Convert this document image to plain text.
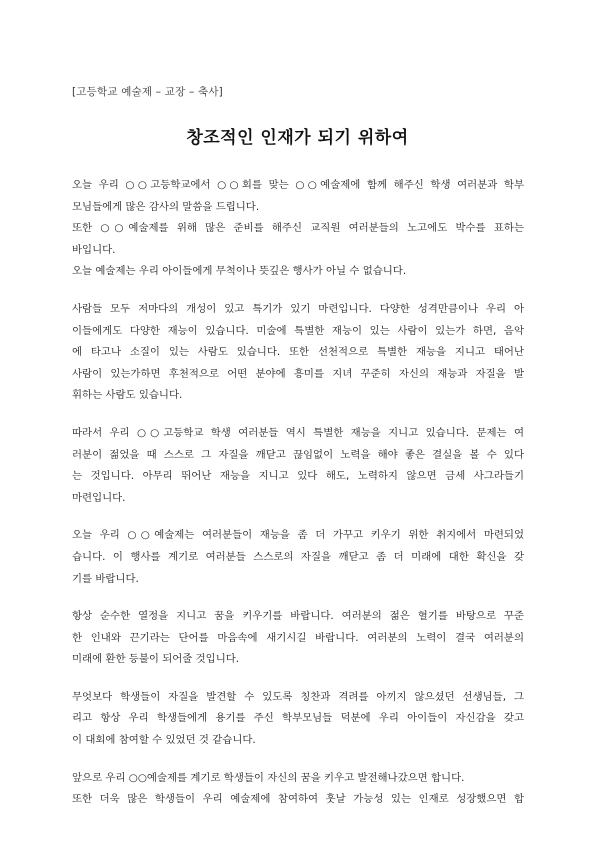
[고등학교 예술제 – 교장 – 축사]
창조적인 인재가 되기 위하여
오늘 우리 ○○고등학교에서 ○○회를 맞는 ○○예술제에 함께 해주신 학생 여러분과 학부
모님들에게 많은 감사의 말씀을 드립니다.
또한 ○○예술제를 위해 많은 준비를 해주신 교직원 여러분들의 노고에도 박수를 표하는
바입니다.
오늘 예술제는 우리 아이들에게 무척이나 뜻깊은 행사가 아닐 수 없습니다.
사람들 모두 저마다의 개성이 있고 특기가 있기 마련입니다. 다양한 성격만큼이나 우리 아
이들에게도 다양한 재능이 있습니다. 미술에 특별한 재능이 있는 사람이 있는가 하면, 음악
에 타고나 소질이 있는 사람도 있습니다. 또한 선천적으로 특별한 재능을 지니고 태어난
사람이 있는가하면 후천적으로 어떤 분야에 흥미를 지녀 꾸준히 자신의 재능과 자질을 발
휘하는 사람도 있습니다.
따라서 우리 ○○고등학교 학생 여러분들 역시 특별한 재능을 지니고 있습니다. 문제는 여
러분이 젊었을 때 스스로 그 자질을 깨닫고 끊임없이 노력을 해야 좋은 결실을 볼 수 있다
는 것입니다. 아무리 뛰어난 재능을 지니고 있다 해도, 노력하지 않으면 금세 사그라들기
마련입니다.
오늘 우리 ○○예술제는 여러분들이 재능을 좀 더 가꾸고 키우기 위한 취지에서 마련되었
습니다. 이 행사를 계기로 여러분들 스스로의 자질을 깨닫고 좀 더 미래에 대한 확신을 갖
기를 바랍니다.
항상 순수한 열정을 지니고 꿈을 키우기를 바랍니다. 여러분의 젊은 혈기를 바탕으로 꾸준
한 인내와 끈기라는 단어를 마음속에 새기시길 바랍니다. 여러분의 노력이 결국 여러분의
미래에 환한 등불이 되어줄 것입니다.
무엇보다 학생들이 자질을 발견할 수 있도록 칭찬과 격려를 아끼지 않으셨던 선생님들, 그
리고 항상 우리 학생들에게 용기를 주신 학부모님들 덕분에 우리 아이들이 자신감을 갖고
이 대회에 참여할 수 있었던 것 같습니다.
앞으로 우리 ○○예술제를 계기로 학생들이 자신의 꿈을 키우고 발전해나갔으면 합니다.
또한 더욱 많은 학생들이 우리 예술제에 참여하여 훗날 가능성 있는 인재로 성장했으면 합
